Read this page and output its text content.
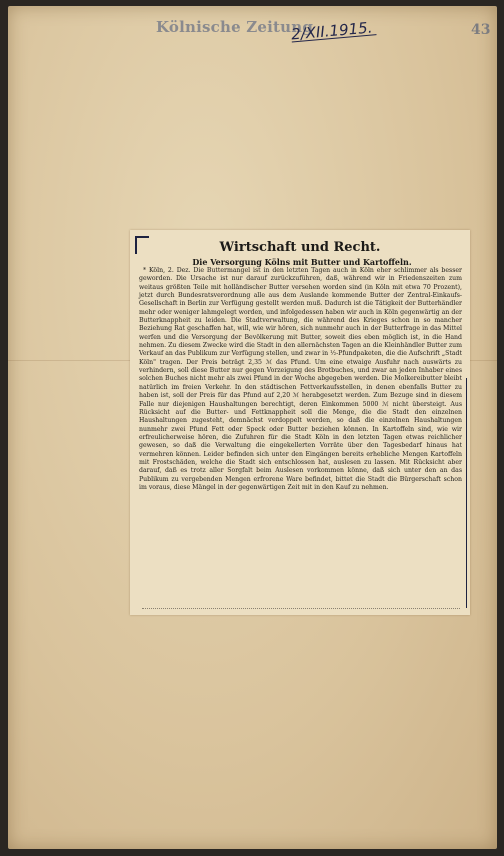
Kölnische Zeitung
2/XII.1915.	43
Wirtschaft und Recht.
Die Versorgung Kölns mit Butter und Kartoffeln.

* Köln, 2. Dez. Die Buttermangel ist in den letzten Tagen auch in Köln eher schlimmer als besser geworden. Die Ursache ist nur darauf zurückzuführen, daß, während wir in Friedenszeiten zum weitaus größten Teile mit holländischer Butter versehen worden sind (in Köln mit etwa 70 Prozent), jetzt durch Bundesratsverordnung alle aus dem Auslande kommende Butter der Zentral-Einkaufs-Gesellschaft in Berlin zur Verfügung gestellt werden muß. Dadurch ist die Tätigkeit der Butterhändler mehr oder weniger lahmgelegt worden, und infolgedessen haben wir auch in Köln gegenwärtig an der Butterknappheit zu leiden. Die Stadtverwaltung, die während des Krieges schon in so mancher Beziehung Rat geschaffen hat, will, wie wir hören, sich nunmehr auch in der Butterfrage in das Mittel werfen und die Versorgung der Bevölkerung mit Butter, soweit dies eben möglich ist, in die Hand nehmen. Zu diesem Zwecke wird die Stadt in den allernächsten Tagen an die Kleinhändler Butter zum Verkauf an das Publikum zur Verfügung stellen, und zwar in ½-Pfundpaketen, die die Aufschrift „Stadt Köln" tragen. Der Preis beträgt 2,35 ℳ das Pfund. Um eine etwaige Ausfuhr nach auswärts zu verhindern, soll diese Butter nur gegen Vorzeigung des Brotbuches, und zwar an jeden Inhaber eines solchen Buches nicht mehr als zwei Pfund in der Woche abgegeben werden. Die Molkereibutter bleibt natürlich im freien Verkehr. In den städtischen Fettverkaufsstellen, in denen ebenfalls Butter zu haben ist, soll der Preis für das Pfund auf 2,20 ℳ herabgesetzt werden. Zum Bezuge sind in diesem Falle nur diejenigen Haushaltungen berechtigt, deren Einkommen 5000 ℳ nicht übersteigt. Aus Rücksicht auf die Butter- und Fettknappheit soll die Menge, die die Stadt den einzelnen Haushaltungen zugesteht, demnächst verdoppelt werden, so daß die einzelnen Haushaltungen nunmehr zwei Pfund Fett oder Speck oder Butter beziehen können. In Kartoffeln sind, wie wir erfreulicherweise hören, die Zufuhren für die Stadt Köln in den letzten Tagen etwas reichlicher gewesen, so daß die Verwaltung die eingekellerten Vorräte über den Tagesbedarf hinaus hat vermehren können. Leider befinden sich unter den Eingängen bereits erhebliche Mengen Kartoffeln mit Frostschäden, welche die Stadt sich entschlossen hat, auslesen zu lassen. Mit Rücksicht aber darauf, daß es trotz aller Sorgfalt beim Auslesen vorkommen könne, daß sich unter den an das Publikum zu vergebenden Mengen erfrorene Ware befindet, bittet die Stadt die Bürgerschaft schon im voraus, diese Mängel in der gegenwärtigen Zeit mit in den Kauf zu nehmen.
